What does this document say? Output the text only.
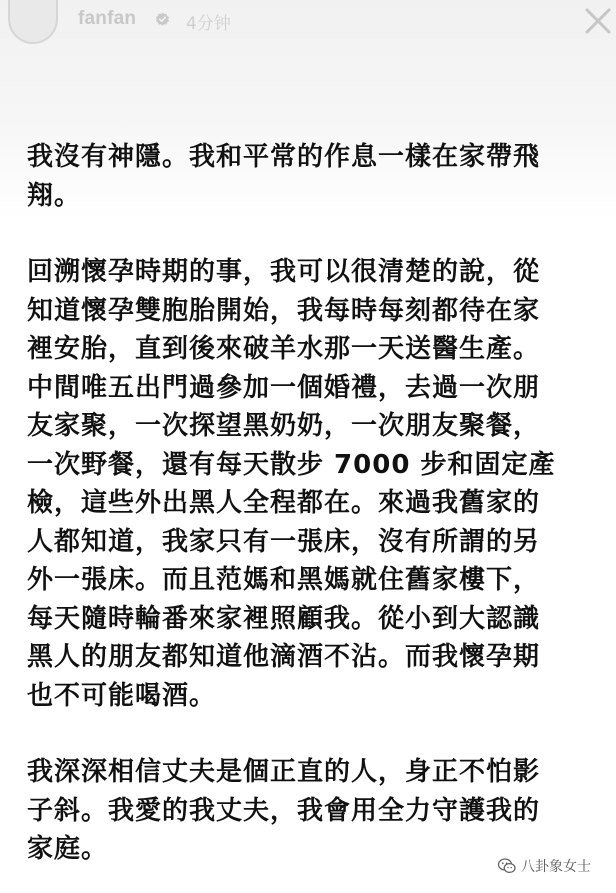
fanfan	4分钟

我沒有神隱。我和平常的作息一樣在家帶飛
翔。

回溯懷孕時期的事，我可以很清楚的說，從
知道懷孕雙胞胎開始，我每時每刻都待在家
裡安胎，直到後來破羊水那一天送醫生產。
中間唯五出門過參加一個婚禮，去過一次朋
友家聚，一次探望黑奶奶，一次朋友聚餐，
一次野餐，還有每天散步 7000 步和固定產
檢，這些外出黑人全程都在。來過我舊家的
人都知道，我家只有一張床，沒有所謂的另
外一張床。而且范媽和黑媽就住舊家樓下，
每天隨時輪番來家裡照顧我。從小到大認識
黑人的朋友都知道他滴酒不沾。而我懷孕期
也不可能喝酒。

我深深相信丈夫是個正直的人，身正不怕影
子斜。我愛的我丈夫，我會用全力守護我的
家庭。

八卦象女士
